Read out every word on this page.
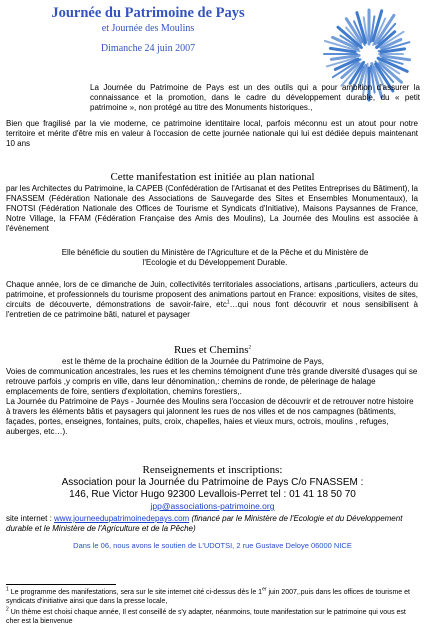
Journée du Patrimoine de Pays
et Journée des Moulins
Dimanche 24 juin 2007
La Journée du Patrimoine de Pays est un des outils qui a pour ambition d'assurer la connaissance et la promotion, dans le cadre du développement durable, du « petit patrimoine », non protégé au titre des Monuments historiques.,
Bien que fragilisé par la vie moderne, ce patrimoine identitaire local, parfois méconnu est un atout pour notre territoire et mérite d'être mis en valeur à l'occasion de cette journée nationale qui lui est dédiée depuis maintenant 10 ans
Cette manifestation est initiée au plan national
par les Architectes du Patrimoine, la CAPEB (Confédération de l'Artisanat et des Petites Entreprises du Bâtiment), la FNASSEM (Fédération Nationale des Associations de Sauvegarde des Sites et Ensembles Monumentaux), la FNOTSI (Fédération Nationale des Offices de Tourisme et Syndicats d'Initiative), Maisons Paysannes de France, Notre Village, la FFAM (Fédération Française des Amis des Moulins), La Journée des Moulins est associée à l'évènement
Elle bénéficie du soutien du Ministère de l'Agriculture et de la Pêche et du Ministère de l'Ecologie et du Développement Durable.
Chaque année, lors de ce dimanche de Juin, collectivités territoriales associations, artisans ,particuliers, acteurs du patrimoine, et professionnels du tourisme proposent des animations partout en France: expositions, visites de sites, circuits de découverte, démonstrations de savoir-faire, etc$^1$…qui nous font découvrir et nous sensibilisent à l'entretien de ce patrimoine bâti, naturel et paysager
Rues et Chemins$^2$
est le thème de la prochaine édition de la Journée du Patrimoine de Pays,
Voies de communication ancestrales, les rues et les chemins témoignent d'une très grande diversité d'usages qui se retrouve parfois ,y compris en ville, dans leur dénomination,: chemins de ronde, de pèlerinage de halage emplacements de foire, sentiers d'exploitation, chemins forestiers,.
La Journée du Patrimoine de Pays - Journée des Moulins sera l'occasion de découvrir et de retrouver notre histoire à travers les éléments bâtis et paysagers qui jalonnent les rues de nos villes et de nos campagnes (bâtiments, façades, portes, enseignes, fontaines, puits, croix, chapelles, haies et vieux murs, octrois, moulins , refuges, auberges, etc…).
Renseignements et inscriptions:
Association pour la Journée du Patrimoine de Pays C/o FNASSEM :
146, Rue Victor Hugo 92300 Levallois-Perret tel : 01 41 18 50 70
jpp@associations-patrimoine.org
site internet : www.journeedupatrimoinedepays.com (financé par le Ministère de l'Ecologie et du Développement durable et le Ministère de l'Agriculture et de la Pêche)
Dans le 06, nous avons le soutien de L'UDOTSI, 2 rue Gustave Deloye 06000 NICE
$^1$ Le programme des manifestations, sera sur le site internet cité ci-dessus dès le 1er juin 2007,.puis dans les offices de tourisme et syndicats d'initiative ainsi que dans la presse locale,
$^2$ Un thème est choisi chaque année, Il est conseillé de s'y adapter, néanmoins, toute manifestation sur le patrimoine qui vous est cher est la bienvenue
